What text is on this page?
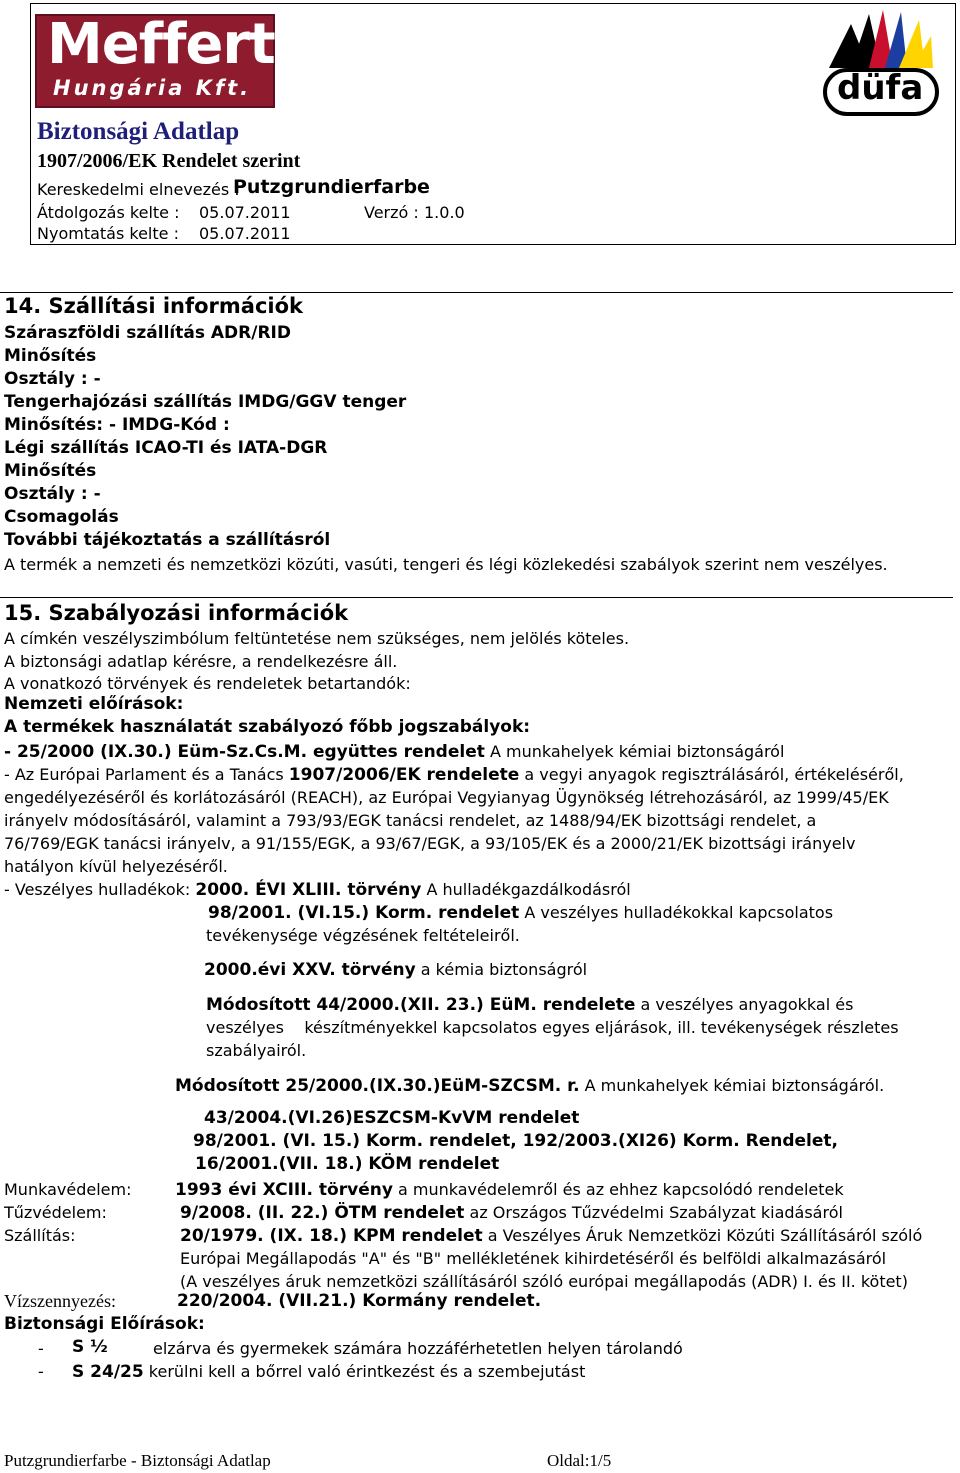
Meffert
Hungária Kft.	düfa
Biztonsági Adatlap
1907/2006/EK Rendelet szerint
Kereskedelmi elnevezés :
Putzgrundierfarbe
Átdolgozás kelte : 05.07.2011	Verzó : 1.0.0
Nyomtatás kelte : 05.07.2011
14. Szállítási információk
Száraszföldi szállítás ADR/RID
Minősítés
Osztály : -
Tengerhajózási szállítás IMDG/GGV tenger
Minősítés: - IMDG-Kód :
Légi szállítás ICAO-TI és IATA-DGR
Minősítés
Osztály : -
Csomagolás
További tájékoztatás a szállításról
A termék a nemzeti és nemzetközi közúti, vasúti, tengeri és légi közlekedési szabályok szerint nem veszélyes.
15. Szabályozási információk
A címkén veszélyszimbólum feltüntetése nem szükséges, nem jelölés köteles.
A biztonsági adatlap kérésre, a rendelkezésre áll.
A vonatkozó törvények és rendeletek betartandók:
Nemzeti előírások:
A termékek használatát szabályozó főbb jogszabályok:
- 25/2000 (IX.30.) Eüm-Sz.Cs.M. együttes rendelet A munkahelyek kémiai biztonságáról
- Az Európai Parlament és a Tanács 1907/2006/EK rendelete a vegyi anyagok regisztrálásáról, értékeléséről,
engedélyezéséről és korlátozásáról (REACH), az Európai Vegyianyag Ügynökség létrehozásáról, az 1999/45/EK
irányelv módosításáról, valamint a 793/93/EGK tanácsi rendelet, az 1488/94/EK bizottsági rendelet, a
76/769/EGK tanácsi irányelv, a 91/155/EGK, a 93/67/EGK, a 93/105/EK és a 2000/21/EK bizottsági irányelv
hatályon kívül helyezéséről.
- Veszélyes hulladékok: 2000. ÉVI XLIII. törvény A hulladékgazdálkodásról
98/2001. (VI.15.) Korm. rendelet A veszélyes hulladékokkal kapcsolatos
tevékenysége végzésének feltételeiről.
2000.évi XXV. törvény a kémia biztonságról
Módosított 44/2000.(XII. 23.) EüM. rendelete a veszélyes anyagokkal és
veszélyes    készítményekkel kapcsolatos egyes eljárások, ill. tevékenységek részletes
szabályairól.
Módosított 25/2000.(IX.30.)EüM-SZCSM. r. A munkahelyek kémiai biztonságáról.
43/2004.(VI.26)ESZCSM-KvVM rendelet
98/2001. (VI. 15.) Korm. rendelet, 192/2003.(XI26) Korm. Rendelet,
16/2001.(VII. 18.) KÖM rendelet
Munkavédelem:	1993 évi XCIII. törvény a munkavédelemről és az ehhez kapcsolódó rendeletek
Tűzvédelem:	9/2008. (II. 22.) ÖTM rendelet az Országos Tűzvédelmi Szabályzat kiadásáról
Szállítás:	20/1979. (IX. 18.) KPM rendelet a Veszélyes Áruk Nemzetközi Közúti Szállításáról szóló
Európai Megállapodás "A" és "B" mellékletének kihirdetéséről és belföldi alkalmazásáról
(A veszélyes áruk nemzetközi szállításáról szóló európai megállapodás (ADR) I. és II. kötet)
Vízszennyezés:	220/2004. (VII.21.) Kormány rendelet.
Biztonsági Előírások:
- S ½	elzárva és gyermekek számára hozzáférhetetlen helyen tárolandó
- S 24/25 kerülni kell a bőrrel való érintkezést és a szembejutást
Putzgrundierfarbe - Biztonsági Adatlap	Oldal:1/5
